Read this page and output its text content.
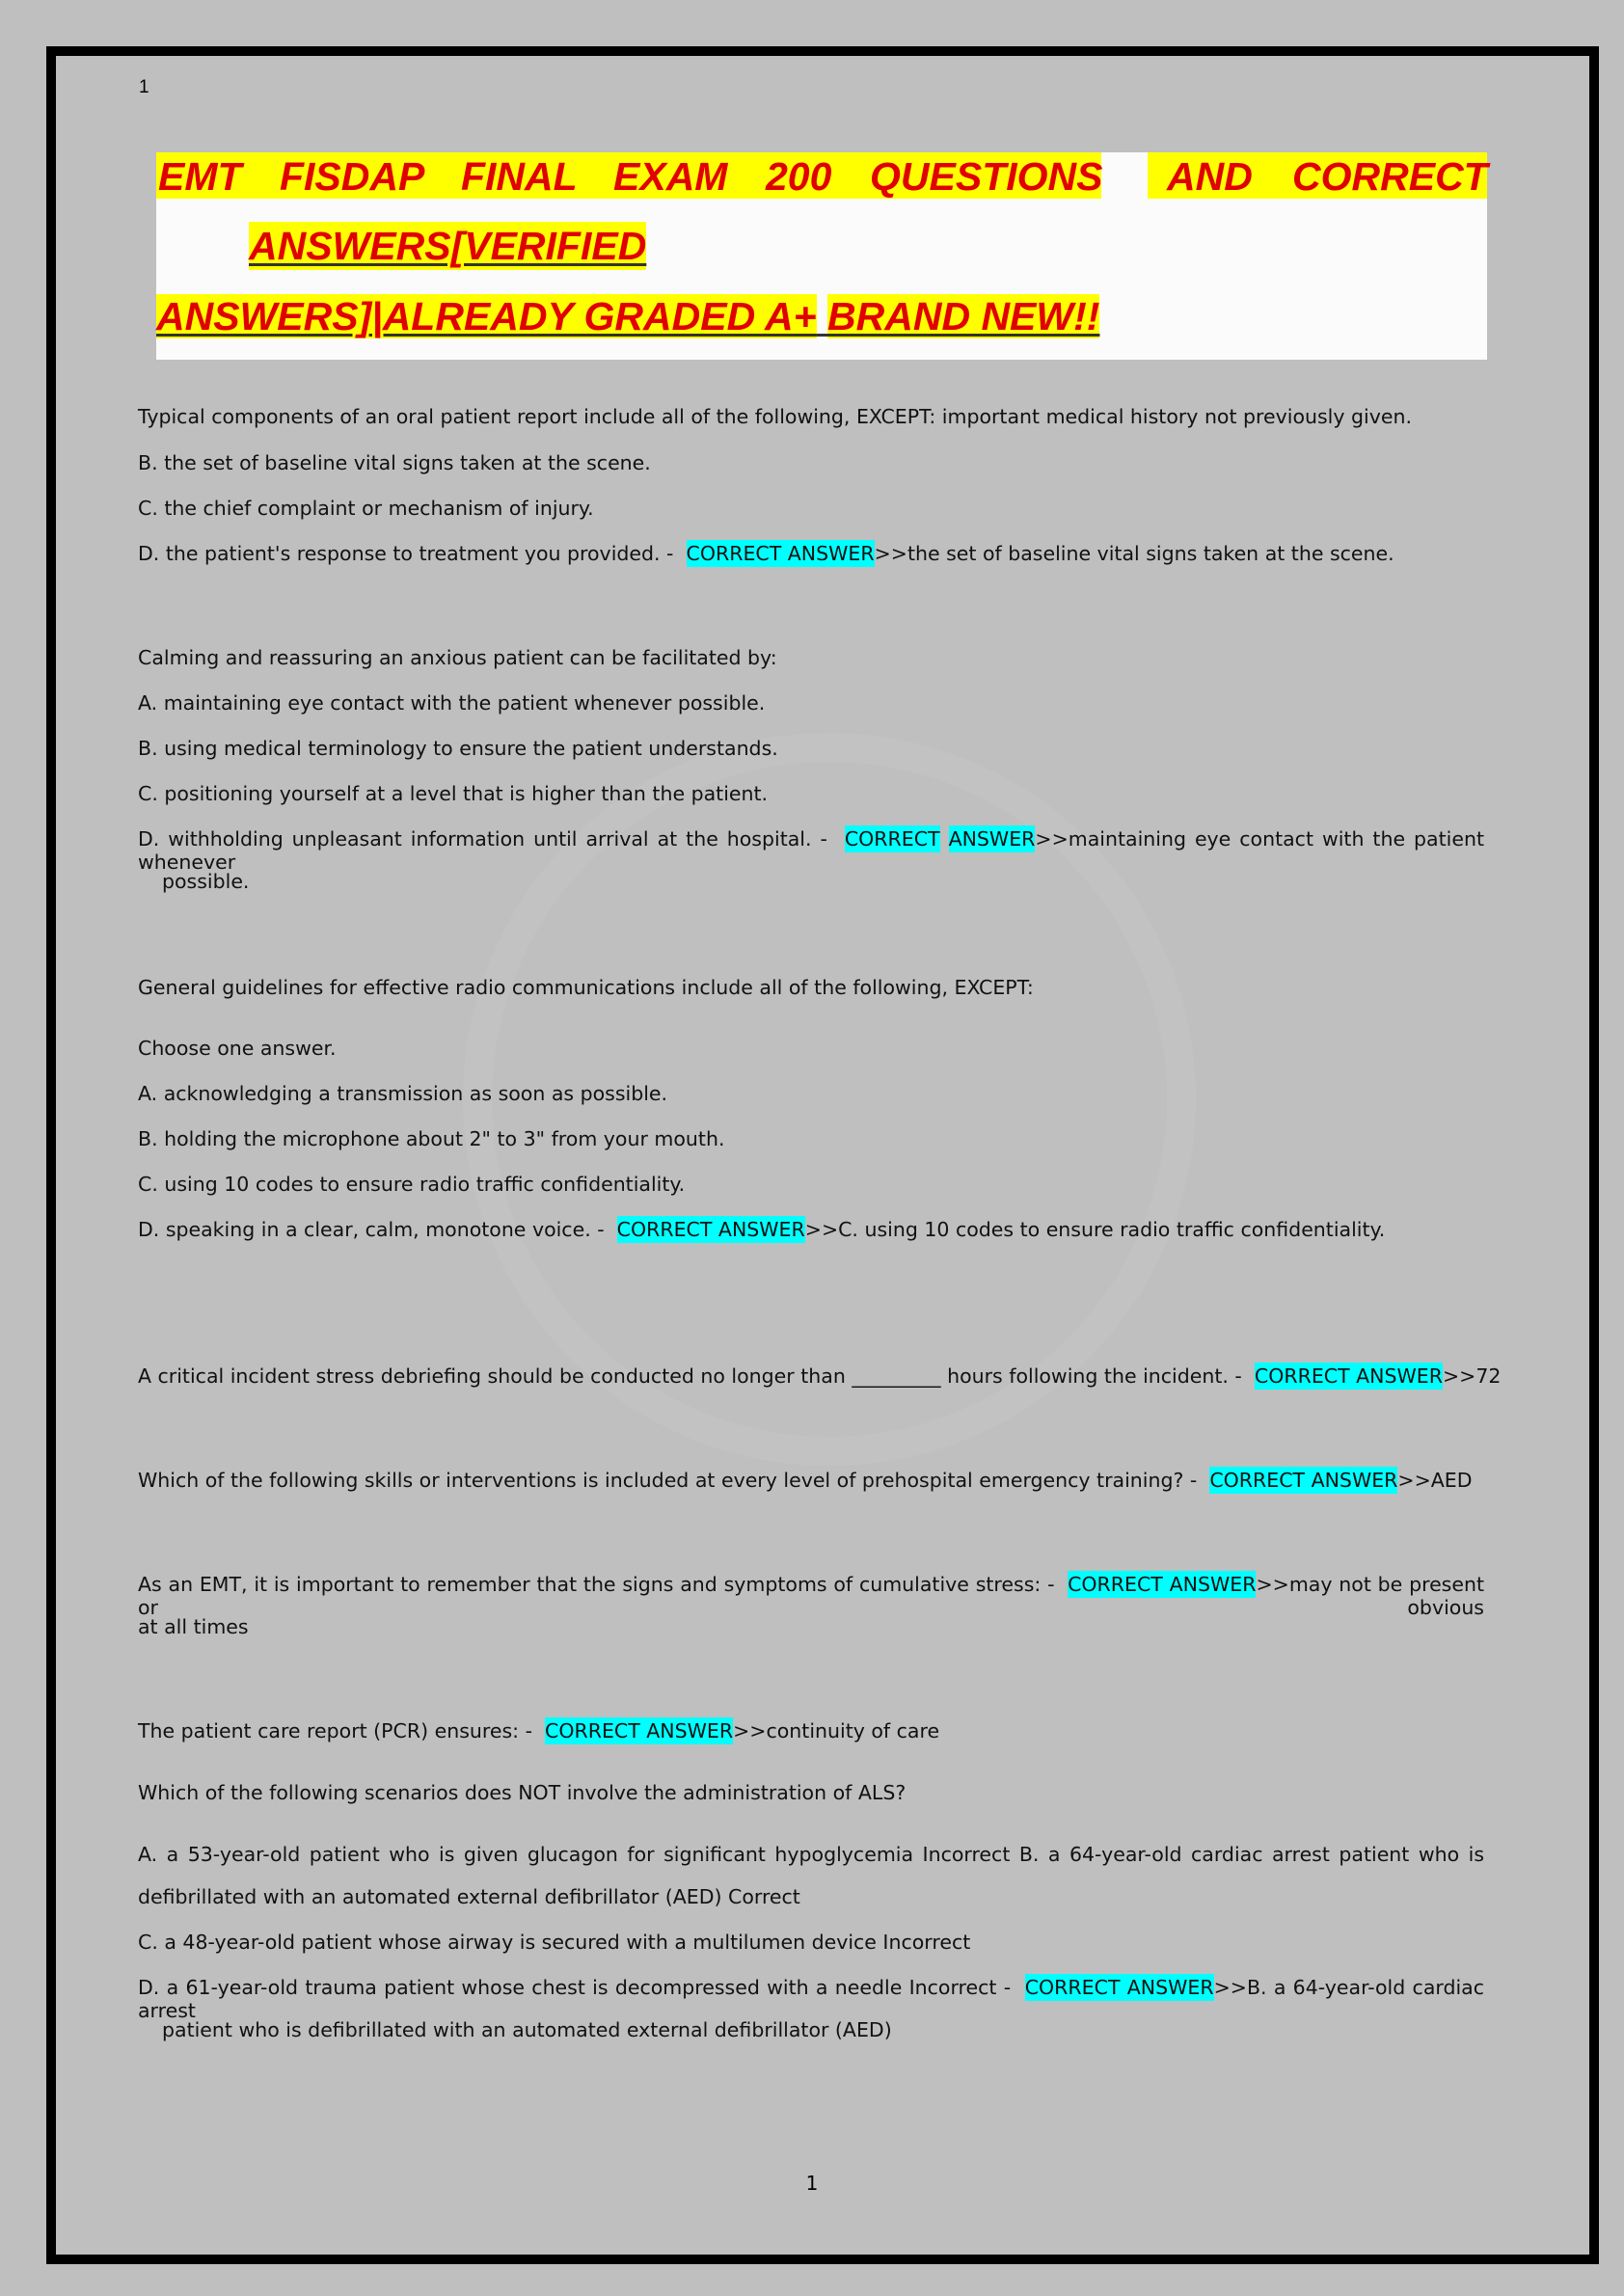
1
EMT FISDAP FINAL EXAM 200 QUESTIONS AND CORRECT
ANSWERS[VERIFIED
ANSWERS]|ALREADY GRADED A+ BRAND NEW!!
Typical components of an oral patient report include all of the following, EXCEPT: important medical history not previously given.
B. the set of baseline vital signs taken at the scene.
C. the chief complaint or mechanism of injury.
D. the patient's response to treatment you provided. - CORRECT ANSWER>>the set of baseline vital signs taken at the scene.
Calming and reassuring an anxious patient can be facilitated by:
A. maintaining eye contact with the patient whenever possible.
B. using medical terminology to ensure the patient understands.
C. positioning yourself at a level that is higher than the patient.
D. withholding unpleasant information until arrival at the hospital. - CORRECT ANSWER>>maintaining eye contact with the patient whenever
possible.
General guidelines for effective radio communications include all of the following, EXCEPT:
Choose one answer.
A. acknowledging a transmission as soon as possible.
B. holding the microphone about 2" to 3" from your mouth.
C. using 10 codes to ensure radio traffic confidentiality.
D. speaking in a clear, calm, monotone voice. - CORRECT ANSWER>>C. using 10 codes to ensure radio traffic confidentiality.
A critical incident stress debriefing should be conducted no longer than _________ hours following the incident. - CORRECT ANSWER>>72
Which of the following skills or interventions is included at every level of prehospital emergency training? - CORRECT ANSWER>>AED
As an EMT, it is important to remember that the signs and symptoms of cumulative stress: - CORRECT ANSWER>>may not be present or obvious
at all times
The patient care report (PCR) ensures: - CORRECT ANSWER>>continuity of care
Which of the following scenarios does NOT involve the administration of ALS?
A. a 53-year-old patient who is given glucagon for significant hypoglycemia Incorrect B. a 64-year-old cardiac arrest patient who is
defibrillated with an automated external defibrillator (AED) Correct
C. a 48-year-old patient whose airway is secured with a multilumen device Incorrect
D. a 61-year-old trauma patient whose chest is decompressed with a needle Incorrect - CORRECT ANSWER>>B. a 64-year-old cardiac arrest
patient who is defibrillated with an automated external defibrillator (AED)
1
